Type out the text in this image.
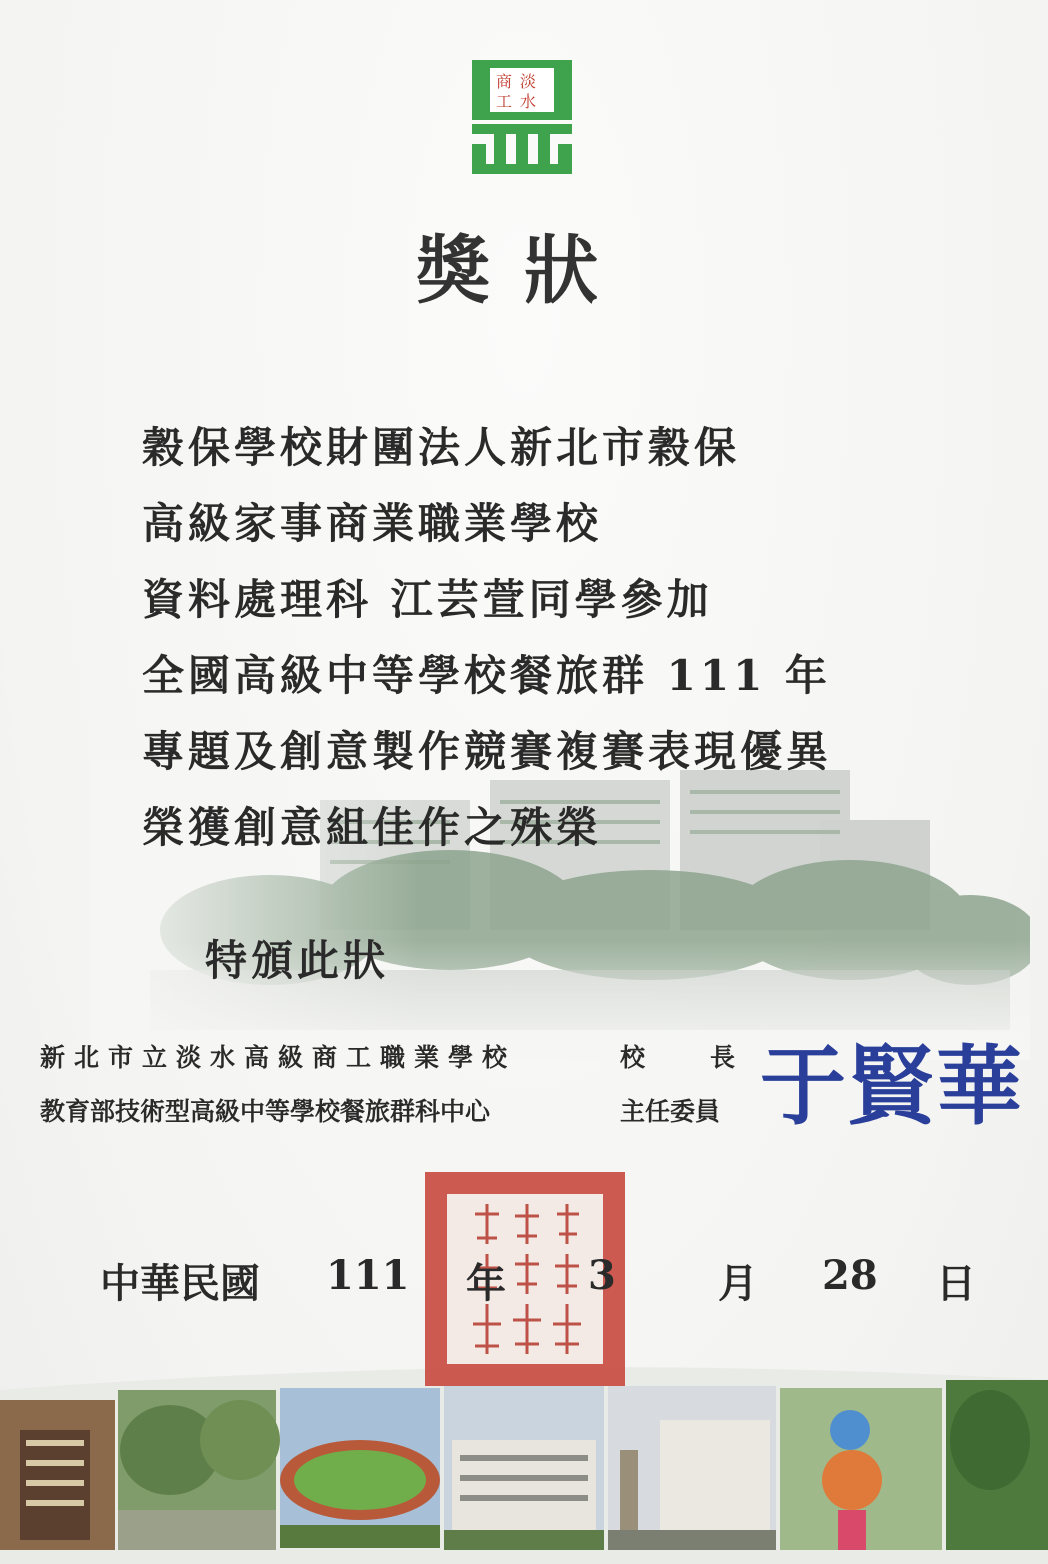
商 淡
工 水
獎狀
穀保學校財團法人新北市穀保
高級家事商業職業學校
資料處理科 江芸萱同學參加
全國高級中等學校餐旅群 111 年
專題及創意製作競賽複賽表現優異
榮獲創意組佳作之殊榮
特頒此狀
新北市立淡水高級商工職業學校	校	長
教育部技術型高級中等學校餐旅群科中心	主任委員 于賢華
中華民國 111 年 3	月 28 日
